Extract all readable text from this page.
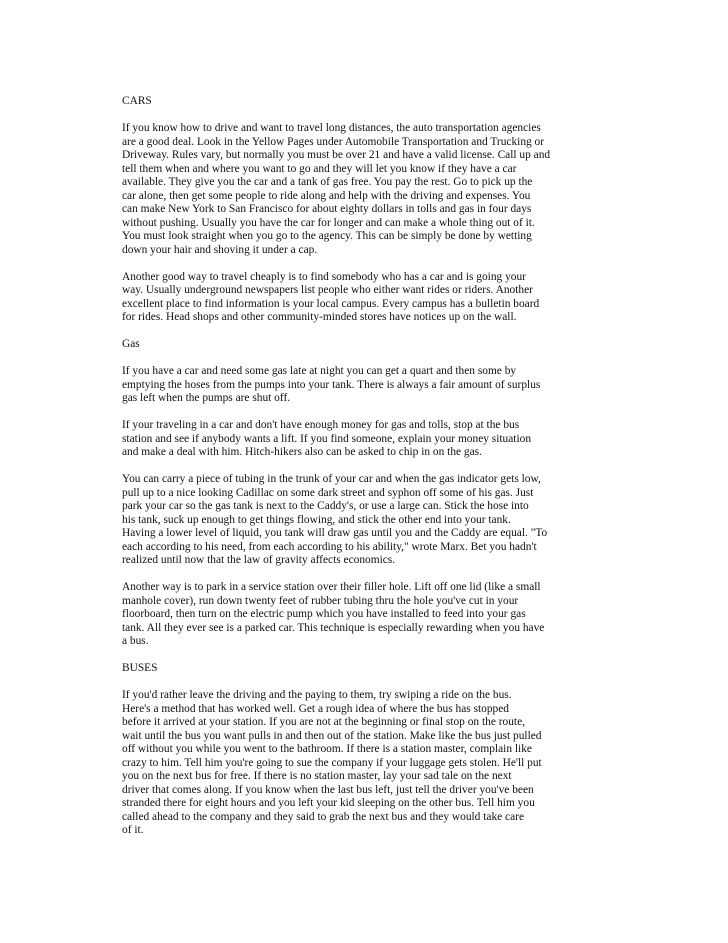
CARS
If you know how to drive and want to travel long distances, the auto transportation agencies
are a good deal. Look in the Yellow Pages under Automobile Transportation and Trucking or
Driveway. Rules vary, but normally you must be over 21 and have a valid license. Call up and
tell them when and where you want to go and they will let you know if they have a car
available. They give you the car and a tank of gas free. You pay the rest. Go to pick up the
car alone, then get some people to ride along and help with the driving and expenses. You
can make New York to San Francisco for about eighty dollars in tolls and gas in four days
without pushing. Usually you have the car for longer and can make a whole thing out of it.
You must look straight when you go to the agency. This can be simply be done by wetting
down your hair and shoving it under a cap.
Another good way to travel cheaply is to find somebody who has a car and is going your
way. Usually underground newspapers list people who either want rides or riders. Another
excellent place to find information is your local campus. Every campus has a bulletin board
for rides. Head shops and other community-minded stores have notices up on the wall.
Gas
If you have a car and need some gas late at night you can get a quart and then some by
emptying the hoses from the pumps into your tank. There is always a fair amount of surplus
gas left when the pumps are shut off.
If your traveling in a car and don't have enough money for gas and tolls, stop at the bus
station and see if anybody wants a lift. If you find someone, explain your money situation
and make a deal with him. Hitch-hikers also can be asked to chip in on the gas.
You can carry a piece of tubing in the trunk of your car and when the gas indicator gets low,
pull up to a nice looking Cadillac on some dark street and syphon off some of his gas. Just
park your car so the gas tank is next to the Caddy's, or use a large can. Stick the hose into
his tank, suck up enough to get things flowing, and stick the other end into your tank.
Having a lower level of liquid, you tank will draw gas until you and the Caddy are equal. "To
each according to his need, from each according to his ability," wrote Marx. Bet you hadn't
realized until now that the law of gravity affects economics.
Another way is to park in a service station over their filler hole. Lift off one lid (like a small
manhole cover), run down twenty feet of rubber tubing thru the hole you've cut in your
floorboard, then turn on the electric pump which you have installed to feed into your gas
tank. All they ever see is a parked car. This technique is especially rewarding when you have
a bus.
BUSES
If you'd rather leave the driving and the paying to them, try swiping a ride on the bus.
Here's a method that has worked well. Get a rough idea of where the bus has stopped
before it arrived at your station. If you are not at the beginning or final stop on the route,
wait until the bus you want pulls in and then out of the station. Make like the bus just pulled
off without you while you went to the bathroom. If there is a station master, complain like
crazy to him. Tell him you're going to sue the company if your luggage gets stolen. He'll put
you on the next bus for free. If there is no station master, lay your sad tale on the next
driver that comes along. If you know when the last bus left, just tell the driver you've been
stranded there for eight hours and you left your kid sleeping on the other bus. Tell him you
called ahead to the company and they said to grab the next bus and they would take care
of it.
